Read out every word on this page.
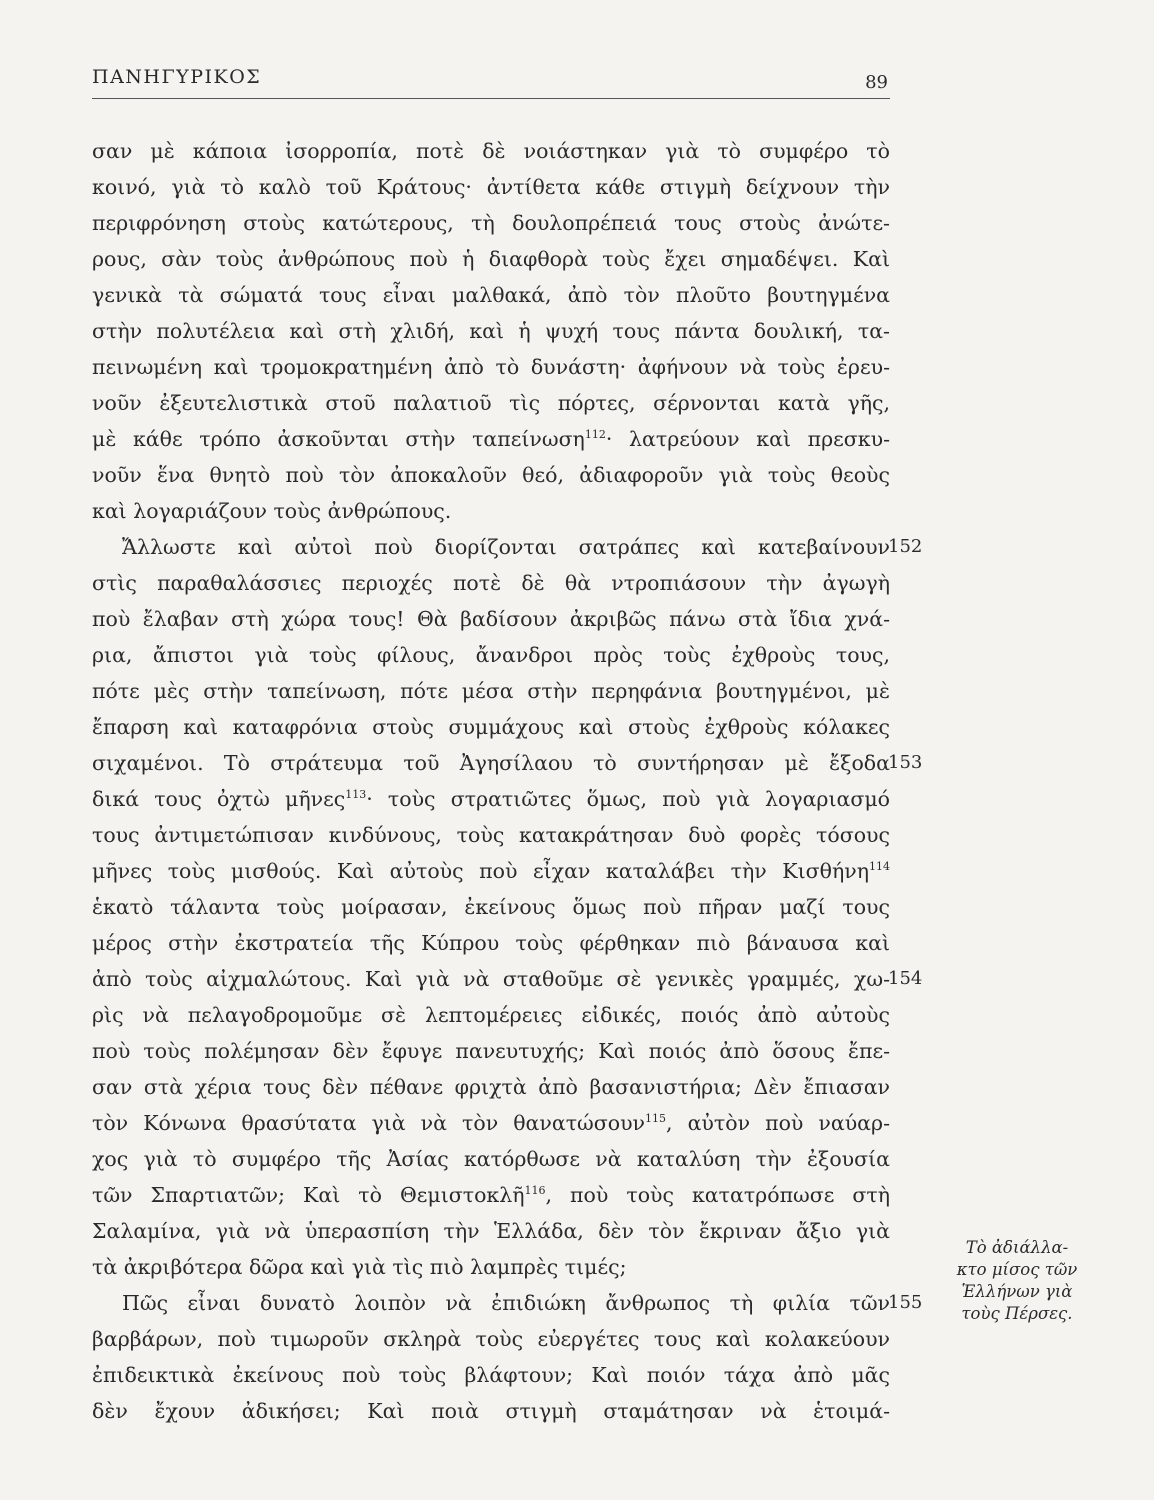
ΠΑΝΗΓΥΡΙΚΟΣ	89
σαν μὲ κάποια ἰσορροπία, ποτὲ δὲ νοιάστηκαν γιὰ τὸ συμφέρο τὸ
κοινό, γιὰ τὸ καλὸ τοῦ Κράτους· ἀντίθετα κάθε στιγμὴ δείχνουν τὴν
περιφρόνηση στοὺς κατώτερους, τὴ δουλοπρέπειά τους στοὺς ἀνώτε-
ρους, σὰν τοὺς ἀνθρώπους ποὺ ἡ διαφθορὰ τοὺς ἔχει σημαδέψει. Καὶ
γενικὰ τὰ σώματά τους εἶναι μαλθακά, ἀπὸ τὸν πλοῦτο βουτηγμένα
στὴν πολυτέλεια καὶ στὴ χλιδή, καὶ ἡ ψυχή τους πάντα δουλική, τα-
πεινωμένη καὶ τρομοκρατημένη ἀπὸ τὸ δυνάστη· ἀφήνουν νὰ τοὺς ἐρευ-
νοῦν ἐξευτελιστικὰ στοῦ παλατιοῦ τὶς πόρτες, σέρνονται κατὰ γῆς,
μὲ κάθε τρόπο ἀσκοῦνται στὴν ταπείνωση$^{112}$· λατρεύουν καὶ πρεσκυ-
νοῦν ἕνα θνητὸ ποὺ τὸν ἀποκαλοῦν θεό, ἀδιαφοροῦν γιὰ τοὺς θεοὺς
καὶ λογαριάζουν τοὺς ἀνθρώπους.
Ἄλλωστε καὶ αὐτοὶ ποὺ διορίζονται σατράπες καὶ κατεβαίνουν
στὶς παραθαλάσσιες περιοχές ποτὲ δὲ θὰ ντροπιάσουν τὴν ἀγωγὴ
ποὺ ἔλαβαν στὴ χώρα τους! Θὰ βαδίσουν ἀκριβῶς πάνω στὰ ἴδια χνά-
ρια, ἄπιστοι γιὰ τοὺς φίλους, ἄνανδροι πρὸς τοὺς ἐχθροὺς τους,
πότε μὲς στὴν ταπείνωση, πότε μέσα στὴν περηφάνια βουτηγμένοι, μὲ
ἔπαρση καὶ καταφρόνια στοὺς συμμάχους καὶ στοὺς ἐχθροὺς κόλακες
σιχαμένοι. Τὸ στράτευμα τοῦ Ἀγησίλαου τὸ συντήρησαν μὲ ἔξοδα
δικά τους ὀχτὼ μῆνες$^{113}$· τοὺς στρατιῶτες ὅμως, ποὺ γιὰ λογαριασμό
τους ἀντιμετώπισαν κινδύνους, τοὺς κατακράτησαν δυὸ φορὲς τόσους
μῆνες τοὺς μισθούς. Καὶ αὐτοὺς ποὺ εἶχαν καταλάβει τὴν Κισθήνη$^{114}$
ἑκατὸ τάλαντα τοὺς μοίρασαν, ἐκείνους ὅμως ποὺ πῆραν μαζί τους
μέρος στὴν ἐκστρατεία τῆς Κύπρου τοὺς φέρθηκαν πιὸ βάναυσα καὶ
ἀπὸ τοὺς αἰχμαλώτους. Καὶ γιὰ νὰ σταθοῦμε σὲ γενικὲς γραμμές, χω-
ρὶς νὰ πελαγοδρομοῦμε σὲ λεπτομέρειες εἰδικές, ποιός ἀπὸ αὐτοὺς
ποὺ τοὺς πολέμησαν δὲν ἔφυγε πανευτυχής; Καὶ ποιός ἀπὸ ὅσους ἔπε-
σαν στὰ χέρια τους δὲν πέθανε φριχτὰ ἀπὸ βασανιστήρια; Δὲν ἔπιασαν
τὸν Κόνωνα θρασύτατα γιὰ νὰ τὸν θανατώσουν$^{115}$, αὐτὸν ποὺ ναύαρ-
χος γιὰ τὸ συμφέρο τῆς Ἀσίας κατόρθωσε νὰ καταλύση τὴν ἐξουσία
τῶν Σπαρτιατῶν; Καὶ τὸ Θεμιστοκλῆ$^{116}$, ποὺ τοὺς κατατρόπωσε στὴ
Σαλαμίνα, γιὰ νὰ ὑπερασπίση τὴν Ἑλλάδα, δὲν τὸν ἔκριναν ἄξιο γιὰ
τὰ ἀκριβότερα δῶρα καὶ γιὰ τὶς πιὸ λαμπρὲς τιμές;
Πῶς εἶναι δυνατὸ λοιπὸν νὰ ἐπιδιώκη ἄνθρωπος τὴ φιλία τῶν
βαρβάρων, ποὺ τιμωροῦν σκληρὰ τοὺς εὐεργέτες τους καὶ κολακεύουν
ἐπιδεικτικὰ ἐκείνους ποὺ τοὺς βλάφτουν; Καὶ ποιόν τάχα ἀπὸ μᾶς
δὲν ἔχουν ἀδικήσει; Καὶ ποιὰ στιγμὴ σταμάτησαν νὰ ἑτοιμά-
152
153
154
155
Τὸ ἀδιάλλα-
κτο μίσος τῶν
Ἑλλήνων γιὰ
τοὺς Πέρσες.
